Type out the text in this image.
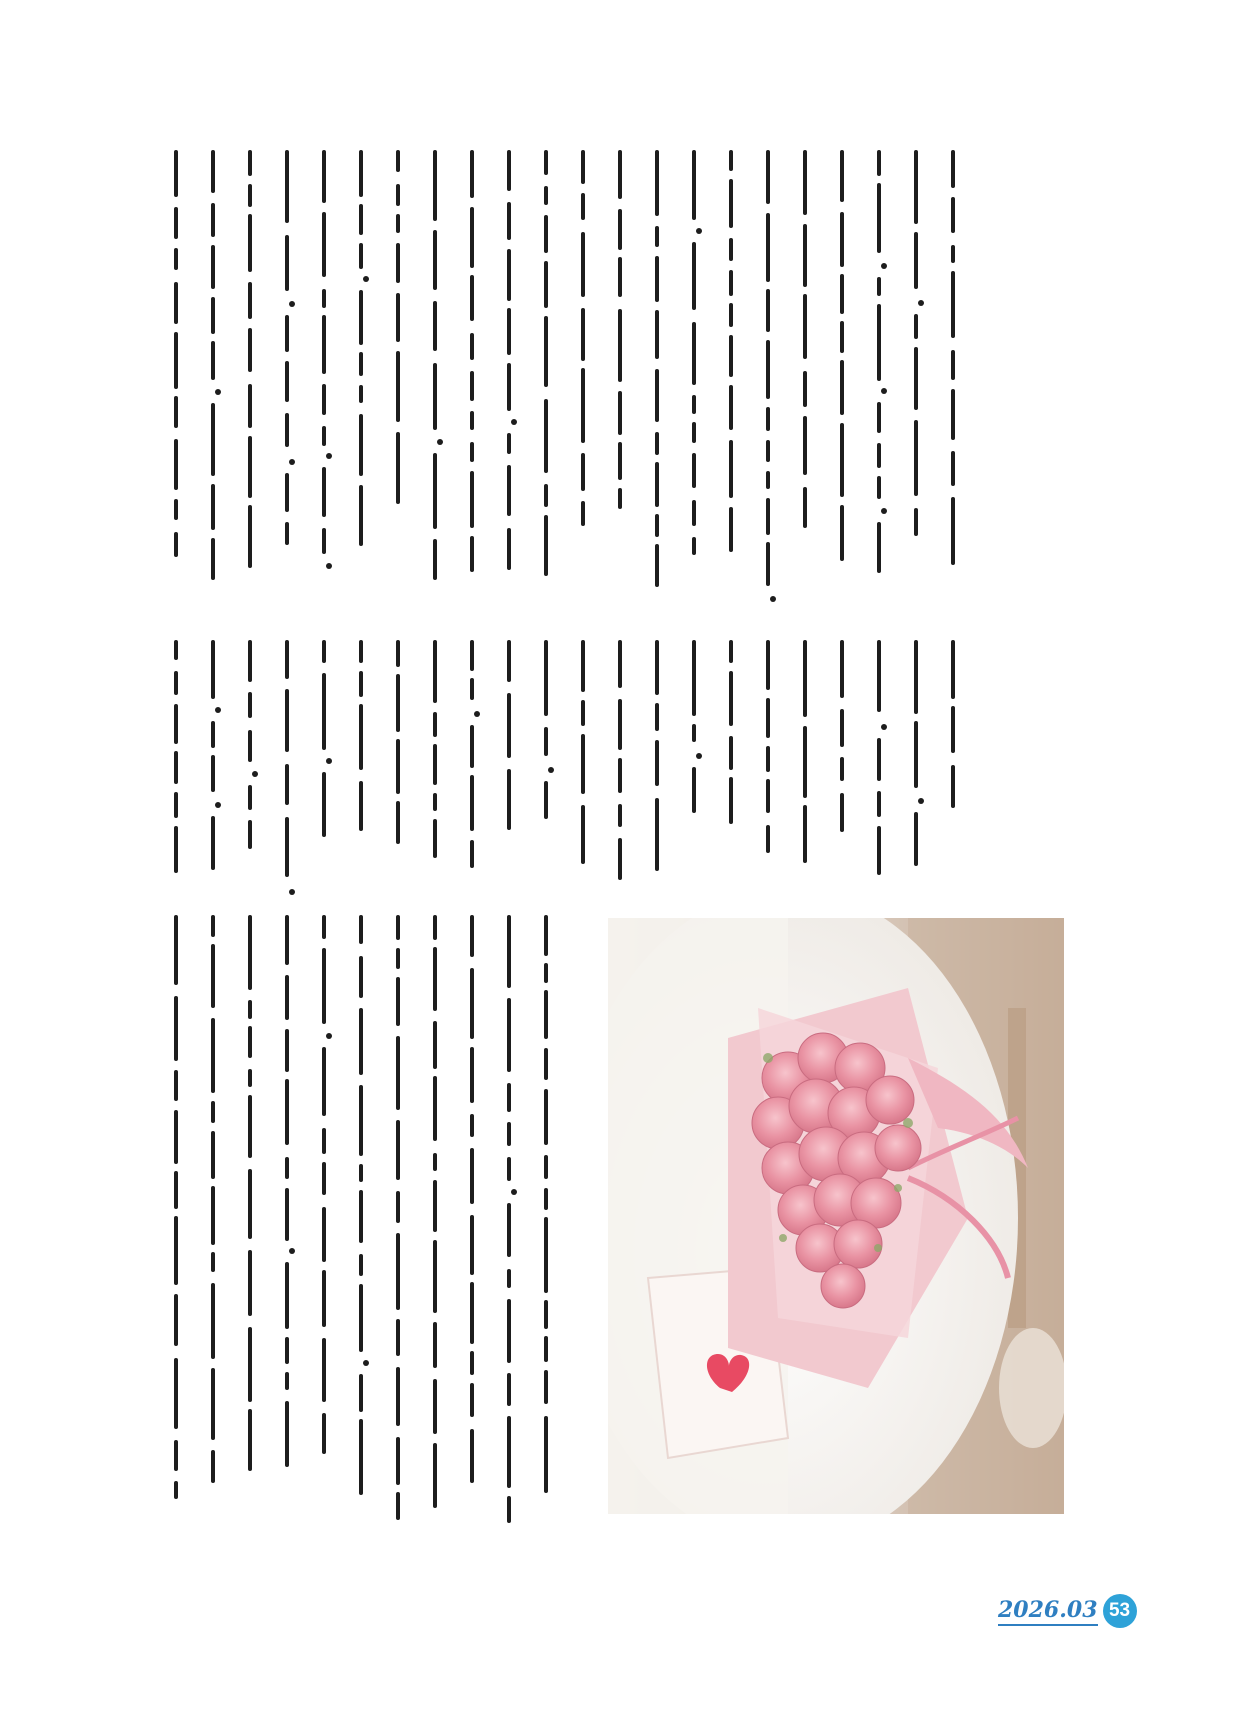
2026.03 53
